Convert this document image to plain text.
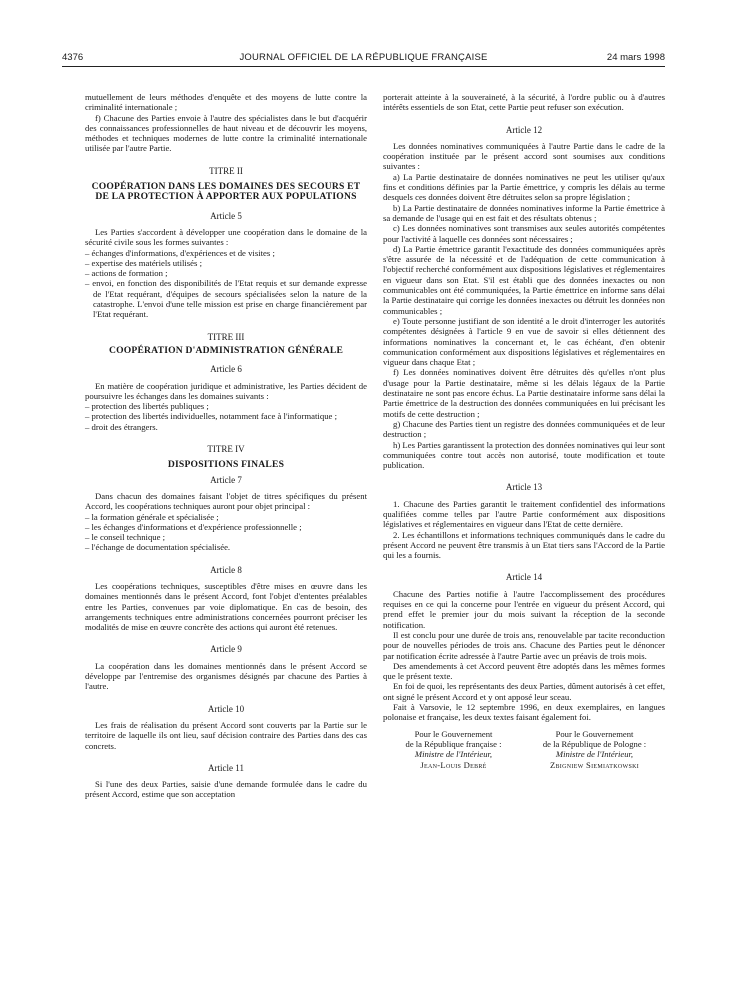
4376	JOURNAL OFFICIEL DE LA RÉPUBLIQUE FRANÇAISE	24 mars 1998

mutuellement de leurs méthodes d'enquête et des moyens de lutte contre la criminalité internationale ;

f) Chacune des Parties envoie à l'autre des spécialistes dans le but d'acquérir des connaissances professionnelles de haut niveau et de découvrir les moyens, méthodes et techniques modernes de lutte contre la criminalité internationale utilisée par l'autre Partie.

TITRE II

COOPÉRATION DANS LES DOMAINES DES SECOURS ET DE LA PROTECTION À APPORTER AUX POPULATIONS

Article 5

Les Parties s'accordent à développer une coopération dans le domaine de la sécurité civile sous les formes suivantes :

– échanges d'informations, d'expériences et de visites ;

– expertise des matériels utilisés ;

– actions de formation ;

– envoi, en fonction des disponibilités de l'Etat requis et sur demande expresse de l'Etat requérant, d'équipes de secours spécialisées selon la nature de la catastrophe. L'envoi d'une telle mission est prise en charge financièrement par l'Etat requérant.

TITRE III

COOPÉRATION D'ADMINISTRATION GÉNÉRALE

Article 6

En matière de coopération juridique et administrative, les Parties décident de poursuivre les échanges dans les domaines suivants :

– protection des libertés publiques ;

– protection des libertés individuelles, notamment face à l'informatique ;

– droit des étrangers.

TITRE IV

DISPOSITIONS FINALES

Article 7

Dans chacun des domaines faisant l'objet de titres spécifiques du présent Accord, les coopérations techniques auront pour objet principal :

– la formation générale et spécialisée ;

– les échanges d'informations et d'expérience professionnelle ;

– le conseil technique ;

– l'échange de documentation spécialisée.

Article 8

Les coopérations techniques, susceptibles d'être mises en œuvre dans les domaines mentionnés dans le présent Accord, font l'objet d'ententes préalables entre les Parties, convenues par voie diplomatique. En cas de besoin, des arrangements techniques entre administrations concernées pourront préciser les modalités de mise en œuvre concrète des actions qui auront été retenues.

Article 9

La coopération dans les domaines mentionnés dans le présent Accord se développe par l'entremise des organismes désignés par chacune des Parties à l'autre.

Article 10

Les frais de réalisation du présent Accord sont couverts par la Partie sur le territoire de laquelle ils ont lieu, sauf décision contraire des Parties dans des cas concrets.

Article 11

Si l'une des deux Parties, saisie d'une demande formulée dans le cadre du présent Accord, estime que son acceptation

porterait atteinte à la souveraineté, à la sécurité, à l'ordre public ou à d'autres intérêts essentiels de son Etat, cette Partie peut refuser son exécution.

Article 12

Les données nominatives communiquées à l'autre Partie dans le cadre de la coopération instituée par le présent accord sont soumises aux conditions suivantes :

a) La Partie destinataire de données nominatives ne peut les utiliser qu'aux fins et conditions définies par la Partie émettrice, y compris les délais au terme desquels ces données doivent être détruites selon sa propre législation ;

b) La Partie destinataire de données nominatives informe la Partie émettrice à sa demande de l'usage qui en est fait et des résultats obtenus ;

c) Les données nominatives sont transmises aux seules autorités compétentes pour l'activité à laquelle ces données sont nécessaires ;

d) La Partie émettrice garantit l'exactitude des données communiquées après s'être assurée de la nécessité et de l'adéquation de cette communication à l'objectif recherché conformément aux dispositions législatives et réglementaires en vigueur dans son Etat. S'il est établi que des données inexactes ou non communicables ont été communiquées, la Partie émettrice en informe sans délai la Partie destinataire qui corrige les données inexactes ou détruit les données non communicables ;

e) Toute personne justifiant de son identité a le droit d'interroger les autorités compétentes désignées à l'article 9 en vue de savoir si elles détiennent des informations nominatives la concernant et, le cas échéant, d'en obtenir communication conformément aux dispositions législatives et réglementaires en vigueur dans chaque Etat ;

f) Les données nominatives doivent être détruites dès qu'elles n'ont plus d'usage pour la Partie destinataire, même si les délais légaux de la Partie destinataire ne sont pas encore échus. La Partie destinataire informe sans délai la Partie émettrice de la destruction des données communiquées en lui précisant les motifs de cette destruction ;

g) Chacune des Parties tient un registre des données communiquées et de leur destruction ;

h) Les Parties garantissent la protection des données nominatives qui leur sont communiquées contre tout accès non autorisé, toute modification et toute publication.

Article 13

1. Chacune des Parties garantit le traitement confidentiel des informations qualifiées comme telles par l'autre Partie conformément aux dispositions législatives et réglementaires en vigueur dans l'Etat de cette dernière.

2. Les échantillons et informations techniques communiqués dans le cadre du présent Accord ne peuvent être transmis à un Etat tiers sans l'Accord de la Partie qui les a fournis.

Article 14

Chacune des Parties notifie à l'autre l'accomplissement des procédures requises en ce qui la concerne pour l'entrée en vigueur du présent Accord, qui prend effet le premier jour du mois suivant la réception de la seconde notification.

Il est conclu pour une durée de trois ans, renouvelable par tacite reconduction pour de nouvelles périodes de trois ans. Chacune des Parties peut le dénoncer par notification écrite adressée à l'autre Partie avec un préavis de trois mois.

Des amendements à cet Accord peuvent être adoptés dans les mêmes formes que le présent texte.

En foi de quoi, les représentants des deux Parties, dûment autorisés à cet effet, ont signé le présent Accord et y ont apposé leur sceau.

Fait à Varsovie, le 12 septembre 1996, en deux exemplaires, en langues polonaise et française, les deux textes faisant également foi.

Pour le Gouvernement
de la République française :
Ministre de l'Intérieur,
Jean-Louis Debré
Pour le Gouvernement
de la République de Pologne :
Ministre de l'Intérieur,
Zbigniew Siemiatkowski
